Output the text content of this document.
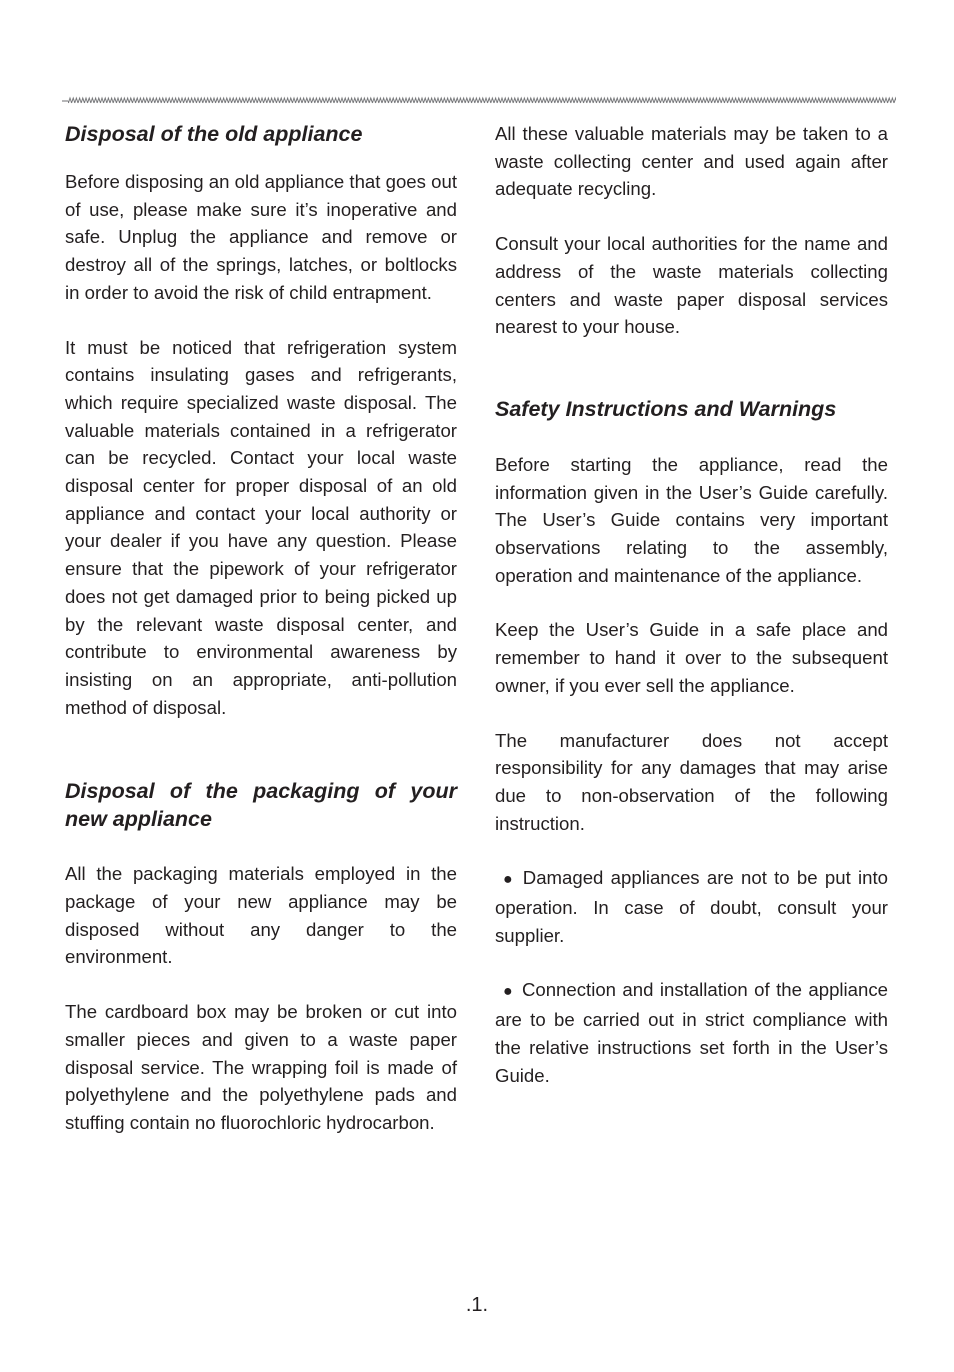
Disposal of the old appliance

Before disposing an old appliance that goes out of use, please make sure it’s inoperative and safe. Unplug the appliance and remove or destroy all of the springs, latches, or boltlocks in order to avoid the risk of child entrapment.

It must be noticed that refrigeration system contains insulating gases and refrigerants, which require specialized waste disposal. The valuable materials contained in a refrigerator can be recycled. Contact your local waste disposal center for proper disposal of an old appliance and contact your local authority or your dealer if you have any question. Please ensure that the pipework of your refrigerator does not get damaged prior to being picked up by the relevant waste disposal center, and contribute to environmental awareness by insisting on an appropriate, anti-pollution method of disposal.

Disposal of the packaging of your new appliance

All the packaging materials employed in the package of your new appliance may be disposed without any danger to the environment.

The cardboard box may be broken or cut into smaller pieces and given to a waste paper disposal service. The wrapping foil is made of polyethylene and the polyethylene pads and stuffing contain no fluorochloric hydrocarbon.

All these valuable materials may be taken to a waste collecting center and used again after adequate recycling.

Consult your local authorities for the name and address of the waste materials collecting centers and waste paper disposal services nearest to your house.

Safety Instructions and Warnings

Before starting the appliance, read the information given in the User’s Guide carefully. The User’s Guide contains very important observations relating to the assembly, operation and maintenance of the appliance.

Keep the User’s Guide in a safe place and remember to hand it over to the subsequent owner, if you ever sell the appliance.

The manufacturer does not accept responsibility for any damages that may arise due to non-observation of the following instruction.

● Damaged appliances are not to be put into operation. In case of doubt, consult your supplier.

● Connection and installation of the appliance are to be carried out in strict compliance with the relative instructions set forth in the User’s Guide.

.1.
